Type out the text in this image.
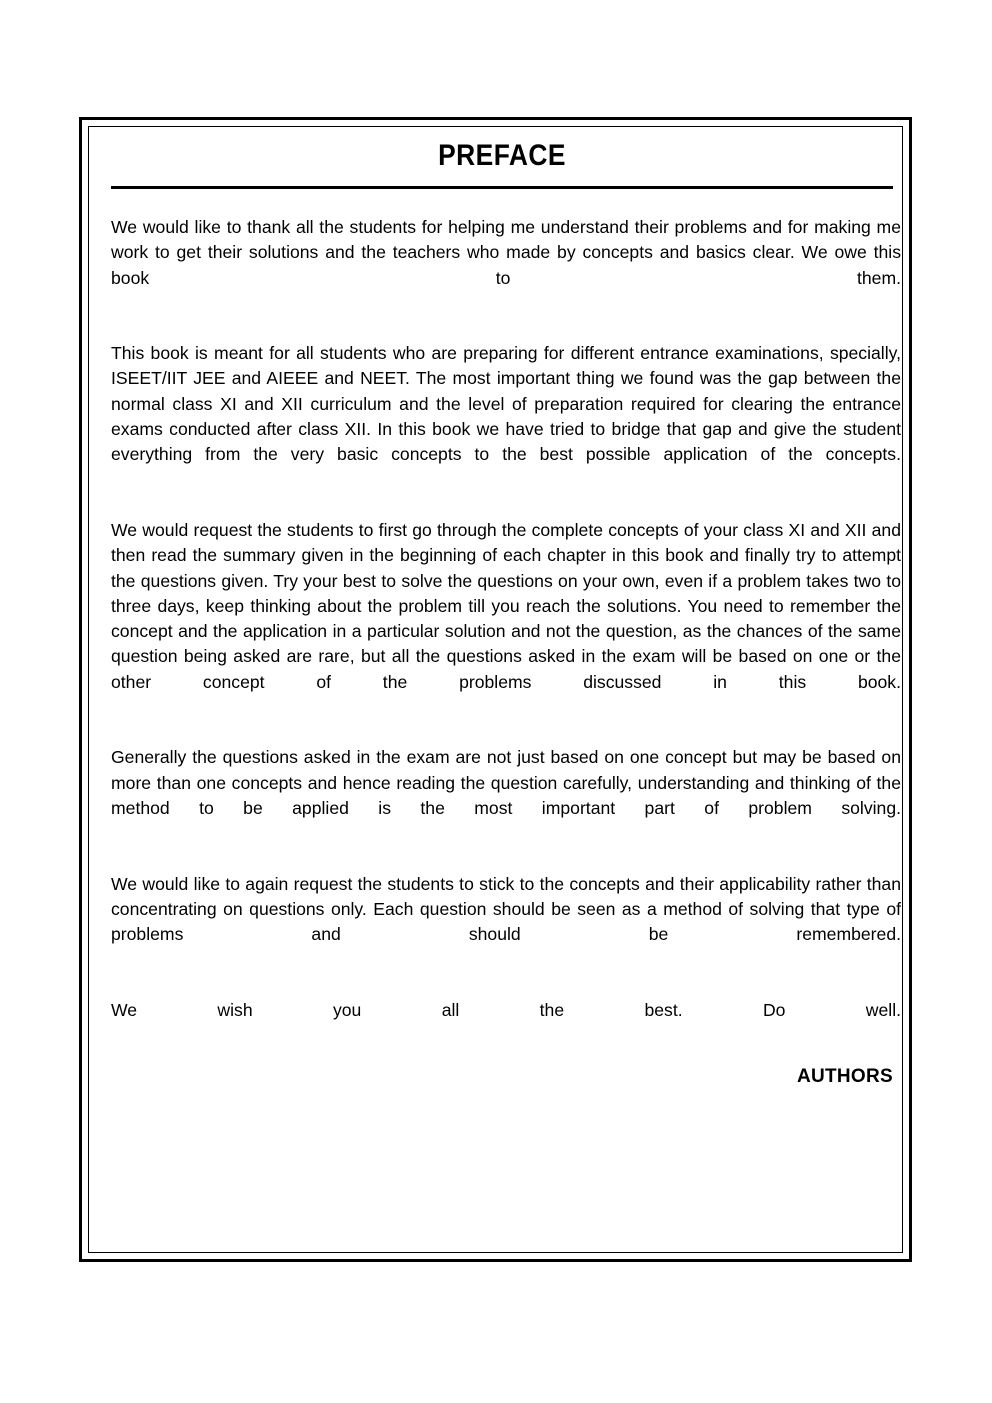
PREFACE

We would like to thank all the students for helping me understand their problems and for making me work to get their solutions and the teachers who made by concepts and basics clear. We owe this book to them.

This book is meant for all students who are preparing for different entrance examinations, specially, ISEET/IIT JEE and AIEEE and NEET. The most important thing we found was the gap between the normal class XI and XII curriculum and the level of preparation required for clearing the entrance exams conducted after class XII. In this book we have tried to bridge that gap and give the student everything from the very basic concepts to the best possible application of the concepts.

We would request the students to first go through the complete concepts of your class XI and XII and then read the summary given in the beginning of each chapter in this book and finally try to attempt the questions given. Try your best to solve the questions on your own, even if a problem takes two to three days, keep thinking about the problem till you reach the solutions. You need to remember the concept and the application in a particular solution and not the question, as the chances of the same question being asked are rare, but all the questions asked in the exam will be based on one or the other concept of the problems discussed in this book.

Generally the questions asked in the exam are not just based on one concept but may be based on more than one concepts and hence reading the question carefully, understanding and thinking of the method to be applied is the most important part of problem solving.

We would like to again request the students to stick to the concepts and their applicability rather than concentrating on questions only. Each question should be seen as a method of solving that type of problems and should be remembered.

We wish you all the best. Do well.

AUTHORS
